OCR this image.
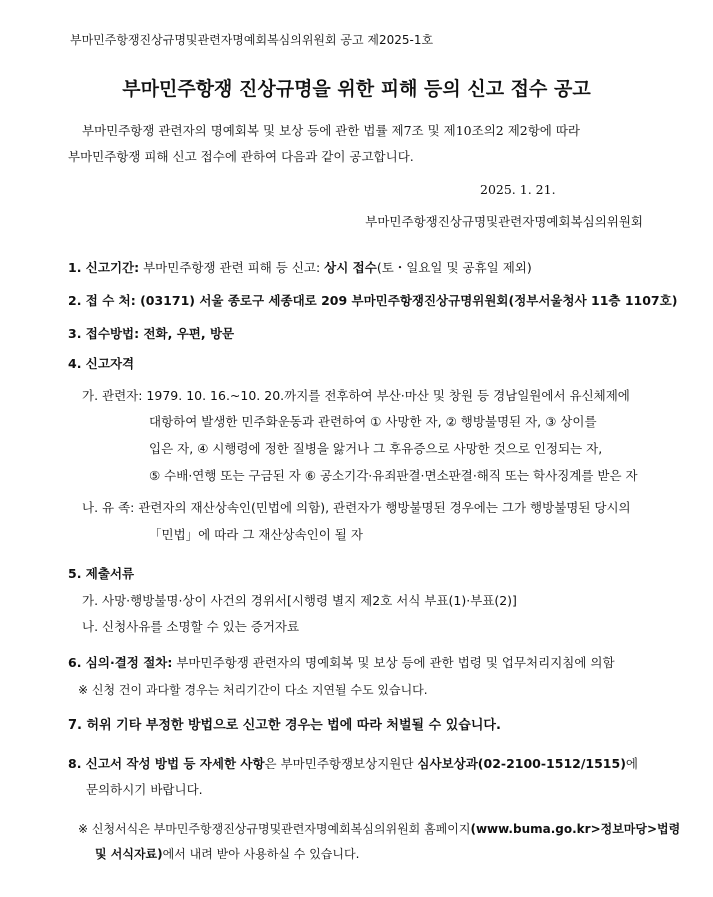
부마민주항쟁진상규명및관련자명예회복심의위원회 공고 제2025-1호
부마민주항쟁 진상규명을 위한 피해 등의 신고 접수 공고
부마민주항쟁 관련자의 명예회복 및 보상 등에 관한 법률 제7조 및 제10조의2 제2항에 따라
부마민주항쟁 피해 신고 접수에 관하여 다음과 같이 공고합니다.
2025. 1. 21.
부마민주항쟁진상규명및관련자명예회복심의위원회
1. 신고기간: 부마민주항쟁 관련 피해 등 신고: 상시 접수(토・일요일 및 공휴일 제외)
2. 접 수 처: (03171) 서울 종로구 세종대로 209 부마민주항쟁진상규명위원회(정부서울청사 11층 1107호)
3. 접수방법: 전화, 우편, 방문
4. 신고자격
가. 관련자: 1979. 10. 16.~10. 20.까지를 전후하여 부산·마산 및 창원 등 경남일원에서 유신체제에
대항하여 발생한 민주화운동과 관련하여 ① 사망한 자, ② 행방불명된 자, ③ 상이를
입은 자, ④ 시행령에 정한 질병을 앓거나 그 후유증으로 사망한 것으로 인정되는 자,
⑤ 수배·연행 또는 구금된 자 ⑥ 공소기각·유죄판결·면소판결·해직 또는 학사징계를 받은 자
나. 유 족: 관련자의 재산상속인(민법에 의함), 관련자가 행방불명된 경우에는 그가 행방불명된 당시의
「민법」에 따라 그 재산상속인이 될 자
5. 제출서류
가. 사망·행방불명·상이 사건의 경위서[시행령 별지 제2호 서식 부표(1)·부표(2)]
나. 신청사유를 소명할 수 있는 증거자료
6. 심의·결정 절차: 부마민주항쟁 관련자의 명예회복 및 보상 등에 관한 법령 및 업무처리지침에 의함
※ 신청 건이 과다할 경우는 처리기간이 다소 지연될 수도 있습니다.
7. 허위 기타 부정한 방법으로 신고한 경우는 법에 따라 처벌될 수 있습니다.
8. 신고서 작성 방법 등 자세한 사항은 부마민주항쟁보상지원단 심사보상과(02-2100-1512/1515)에
문의하시기 바랍니다.
※ 신청서식은 부마민주항쟁진상규명및관련자명예회복심의위원회 홈페이지(www.buma.go.kr>정보마당>법령
및 서식자료)에서 내려 받아 사용하실 수 있습니다.
